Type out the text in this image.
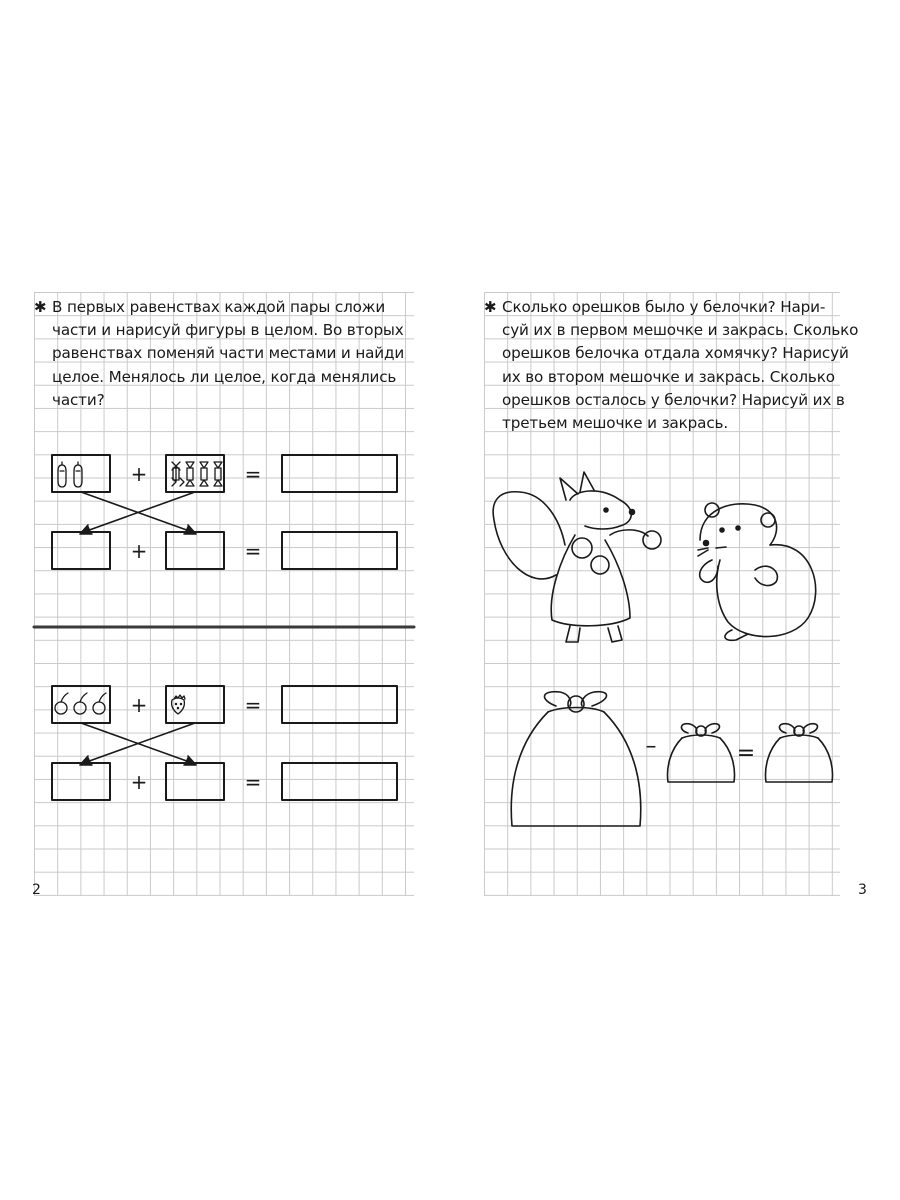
✱ В первых равенствах каждой пары сложи

части и нарисуй фигуры в целом. Во вторых

равенствах поменяй части местами и найди

целое. Менялось ли целое, когда менялись

части?

✱ Сколько орешков было у белочки? Нари-

суй их в первом мешочке и закрась. Сколько

орешков белочка отдала хомячку? Нарисуй

их во втором мешочке и закрась. Сколько

орешков осталось у белочки? Нарисуй их в

третьем мешочке и закрась.

+	=
+	=
+	=
+	=
–	=
2	3
